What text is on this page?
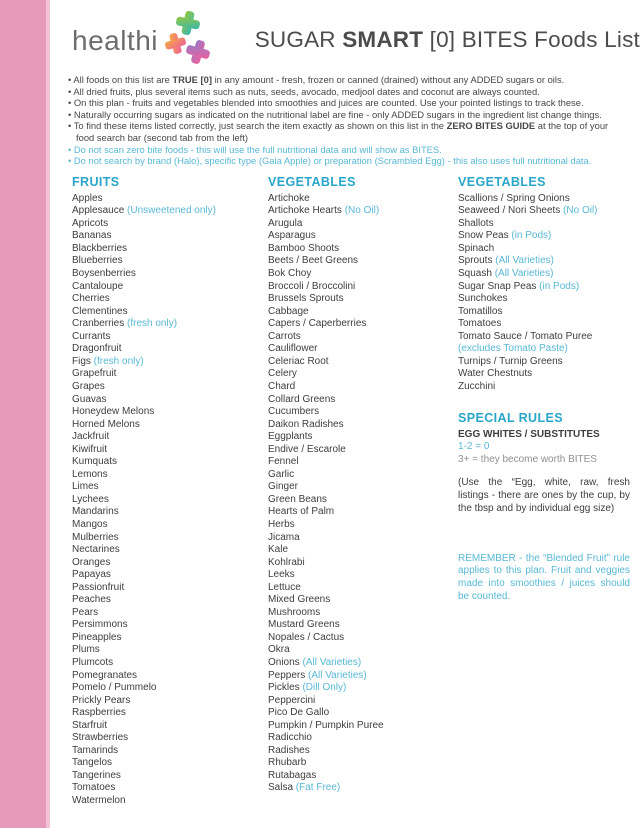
healthi	SUGAR SMART [0] BITES Foods List
• All foods on this list are TRUE [0] in any amount - fresh, frozen or canned (drained) without any ADDED sugars or oils.
• All dried fruits, plus several items such as nuts, seeds, avocado, medjool dates and coconut are always counted.
• On this plan - fruits and vegetables blended into smoothies and juices are counted. Use your pointed listings to track these.
• Naturally occurring sugars as indicated on the nutritional label are fine - only ADDED sugars in the ingredient list change things.
• To find these items listed correctly, just search the item exactly as shown on this list in the ZERO BITES GUIDE at the top of your food search bar (second tab from the left)
• Do not scan zero bite foods - this will use the full nutritional data and will show as BITES.
• Do not search by brand (Halo), specific type (Gaia Apple) or preparation (Scrambled Egg) - this also uses full nutritional data.
FRUITS
Apples
Applesauce (Unsweetened only)
Apricots
Bananas
Blackberries
Blueberries
Boysenberries
Cantaloupe
Cherries
Clementines
Cranberries (fresh only)
Currants
Dragonfruit
Figs (fresh only)
Grapefruit
Grapes
Guavas
Honeydew Melons
Horned Melons
Jackfruit
Kiwifruit
Kumquats
Lemons
Limes
Lychees
Mandarins
Mangos
Mulberries
Nectarines
Oranges
Papayas
Passionfruit
Peaches
Pears
Persimmons
Pineapples
Plums
Plumcots
Pomegranates
Pomelo / Pummelo
Prickly Pears
Raspberries
Starfruit
Strawberries
Tamarinds
Tangelos
Tangerines
Tomatoes
Watermelon
VEGETABLES
Artichoke
Artichoke Hearts (No Oil)
Arugula
Asparagus
Bamboo Shoots
Beets / Beet Greens
Bok Choy
Broccoli / Broccolini
Brussels Sprouts
Cabbage
Capers / Caperberries
Carrots
Cauliflower
Celeriac Root
Celery
Chard
Collard Greens
Cucumbers
Daikon Radishes
Eggplants
Endive / Escarole
Fennel
Garlic
Ginger
Green Beans
Hearts of Palm
Herbs
Jicama
Kale
Kohlrabi
Leeks
Lettuce
Mixed Greens
Mushrooms
Mustard Greens
Nopales / Cactus
Okra
Onions (All Varieties)
Peppers (All Varieties)
Pickles (Dill Only)
Peppercini
Pico De Gallo
Pumpkin / Pumpkin Puree
Radicchio
Radishes
Rhubarb
Rutabagas
Salsa (Fat Free)
VEGETABLES
Scallions / Spring Onions
Seaweed / Nori Sheets (No Oil)
Shallots
Snow Peas (in Pods)
Spinach
Sprouts (All Varieties)
Squash (All Varieties)
Sugar Snap Peas (in Pods)
Sunchokes
Tomatillos
Tomatoes
Tomato Sauce / Tomato Puree
(excludes Tomato Paste)
Turnips / Turnip Greens
Water Chestnuts
Zucchini
SPECIAL RULES
EGG WHITES / SUBSTITUTES
1-2 = 0
3+ = they become worth BITES
(Use the “Egg, white, raw, fresh listings - there are ones by the cup, by the tbsp and by individual egg size)
REMEMBER - the “Blended Fruit” rule applies to this plan. Fruit and veggies made into smoothies / juices should be counted.
